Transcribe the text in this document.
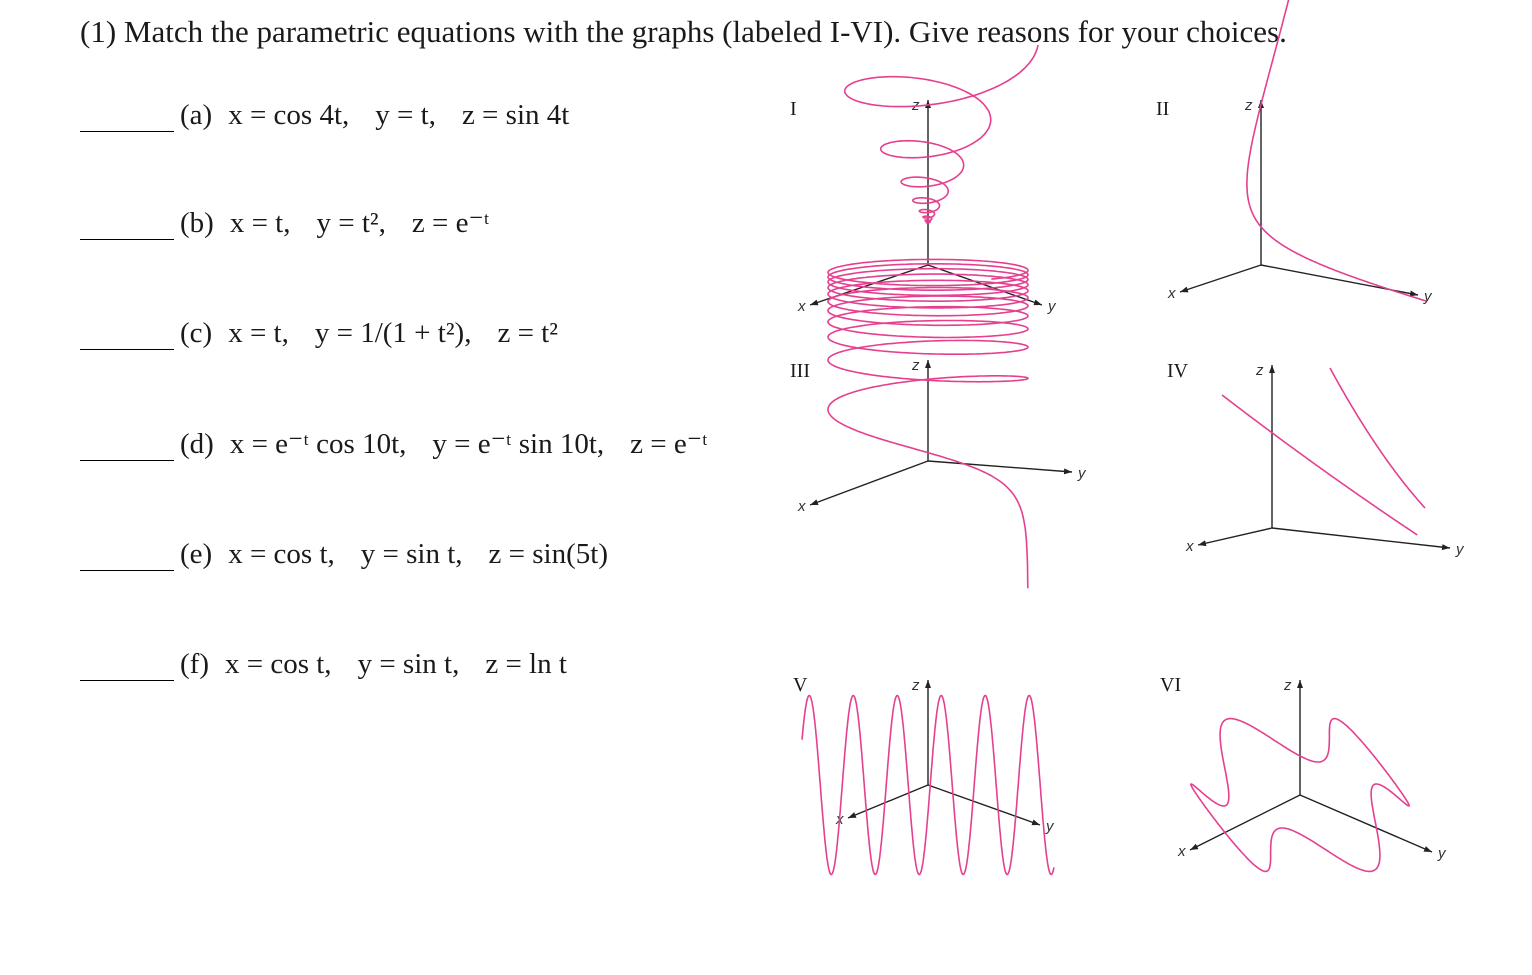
(1) Match the parametric equations with the graphs (labeled I-VI). Give reasons for your choices.
(a) x = cos 4t, y = t, z = sin 4t
(b) x = t, y = t², z = e⁻ᵗ
(c) x = t, y = 1/(1 + t²), z = t²
(d) x = e⁻ᵗ cos 10t, y = e⁻ᵗ sin 10t, z = e⁻ᵗ
(e) x = cos t, y = sin t, z = sin(5t)
(f) x = cos t, y = sin t, z = ln t
I	II
III	IV
V	VI
z
x	y
z
x	y
z
x
y
z
x	y
z
x	y
z
x	y
